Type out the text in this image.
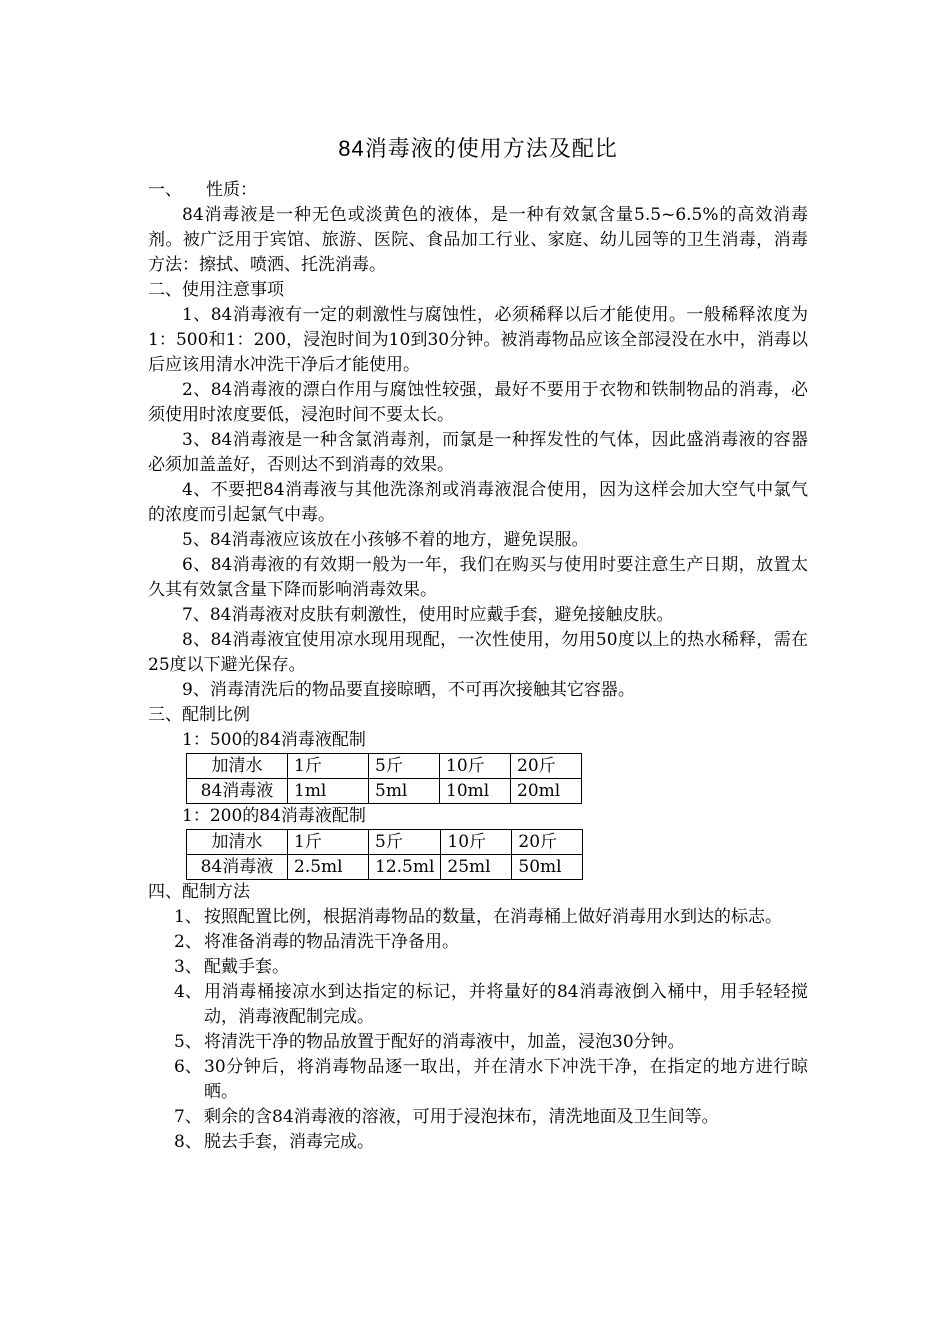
84消毒液的使用方法及配比
一、 性质：

84消毒液是一种无色或淡黄色的液体，是一种有效氯含量5.5~6.5%的高效消毒剂。被广泛用于宾馆、旅游、医院、食品加工行业、家庭、幼儿园等的卫生消毒，消毒方法：擦拭、喷洒、托洗消毒。

二、使用注意事项

1、84消毒液有一定的刺激性与腐蚀性，必须稀释以后才能使用。一般稀释浓度为1：500和1：200，浸泡时间为10到30分钟。被消毒物品应该全部浸没在水中，消毒以后应该用清水冲洗干净后才能使用。

2、84消毒液的漂白作用与腐蚀性较强，最好不要用于衣物和铁制物品的消毒，必须使用时浓度要低，浸泡时间不要太长。

3、84消毒液是一种含氯消毒剂，而氯是一种挥发性的气体，因此盛消毒液的容器必须加盖盖好，否则达不到消毒的效果。

4、不要把84消毒液与其他洗涤剂或消毒液混合使用，因为这样会加大空气中氯气的浓度而引起氯气中毒。

5、84消毒液应该放在小孩够不着的地方，避免误服。

6、84消毒液的有效期一般为一年，我们在购买与使用时要注意生产日期，放置太久其有效氯含量下降而影响消毒效果。

7、84消毒液对皮肤有刺激性，使用时应戴手套，避免接触皮肤。

8、84消毒液宜使用凉水现用现配，一次性使用，勿用50度以上的热水稀释，需在25度以下避光保存。

9、消毒清洗后的物品要直接晾晒，不可再次接触其它容器。

三、配制比例
1：500的84消毒液配制
加清水	1斤	5斤	10斤	20斤
84消毒液	1ml	5ml	10ml	20ml
1：200的84消毒液配制
加清水	1斤	5斤	10斤	20斤
84消毒液	2.5ml	12.5ml	25ml	50ml
四、配制方法
1、 按照配置比例，根据消毒物品的数量，在消毒桶上做好消毒用水到达的标志。
2、 将准备消毒的物品清洗干净备用。
3、 配戴手套。
4、 用消毒桶接凉水到达指定的标记，并将量好的84消毒液倒入桶中，用手轻轻搅动，消毒液配制完成。
5、 将清洗干净的物品放置于配好的消毒液中，加盖，浸泡30分钟。
6、 30分钟后，将消毒物品逐一取出，并在清水下冲洗干净，在指定的地方进行晾晒。
7、 剩余的含84消毒液的溶液，可用于浸泡抹布，清洗地面及卫生间等。
8、 脱去手套，消毒完成。
